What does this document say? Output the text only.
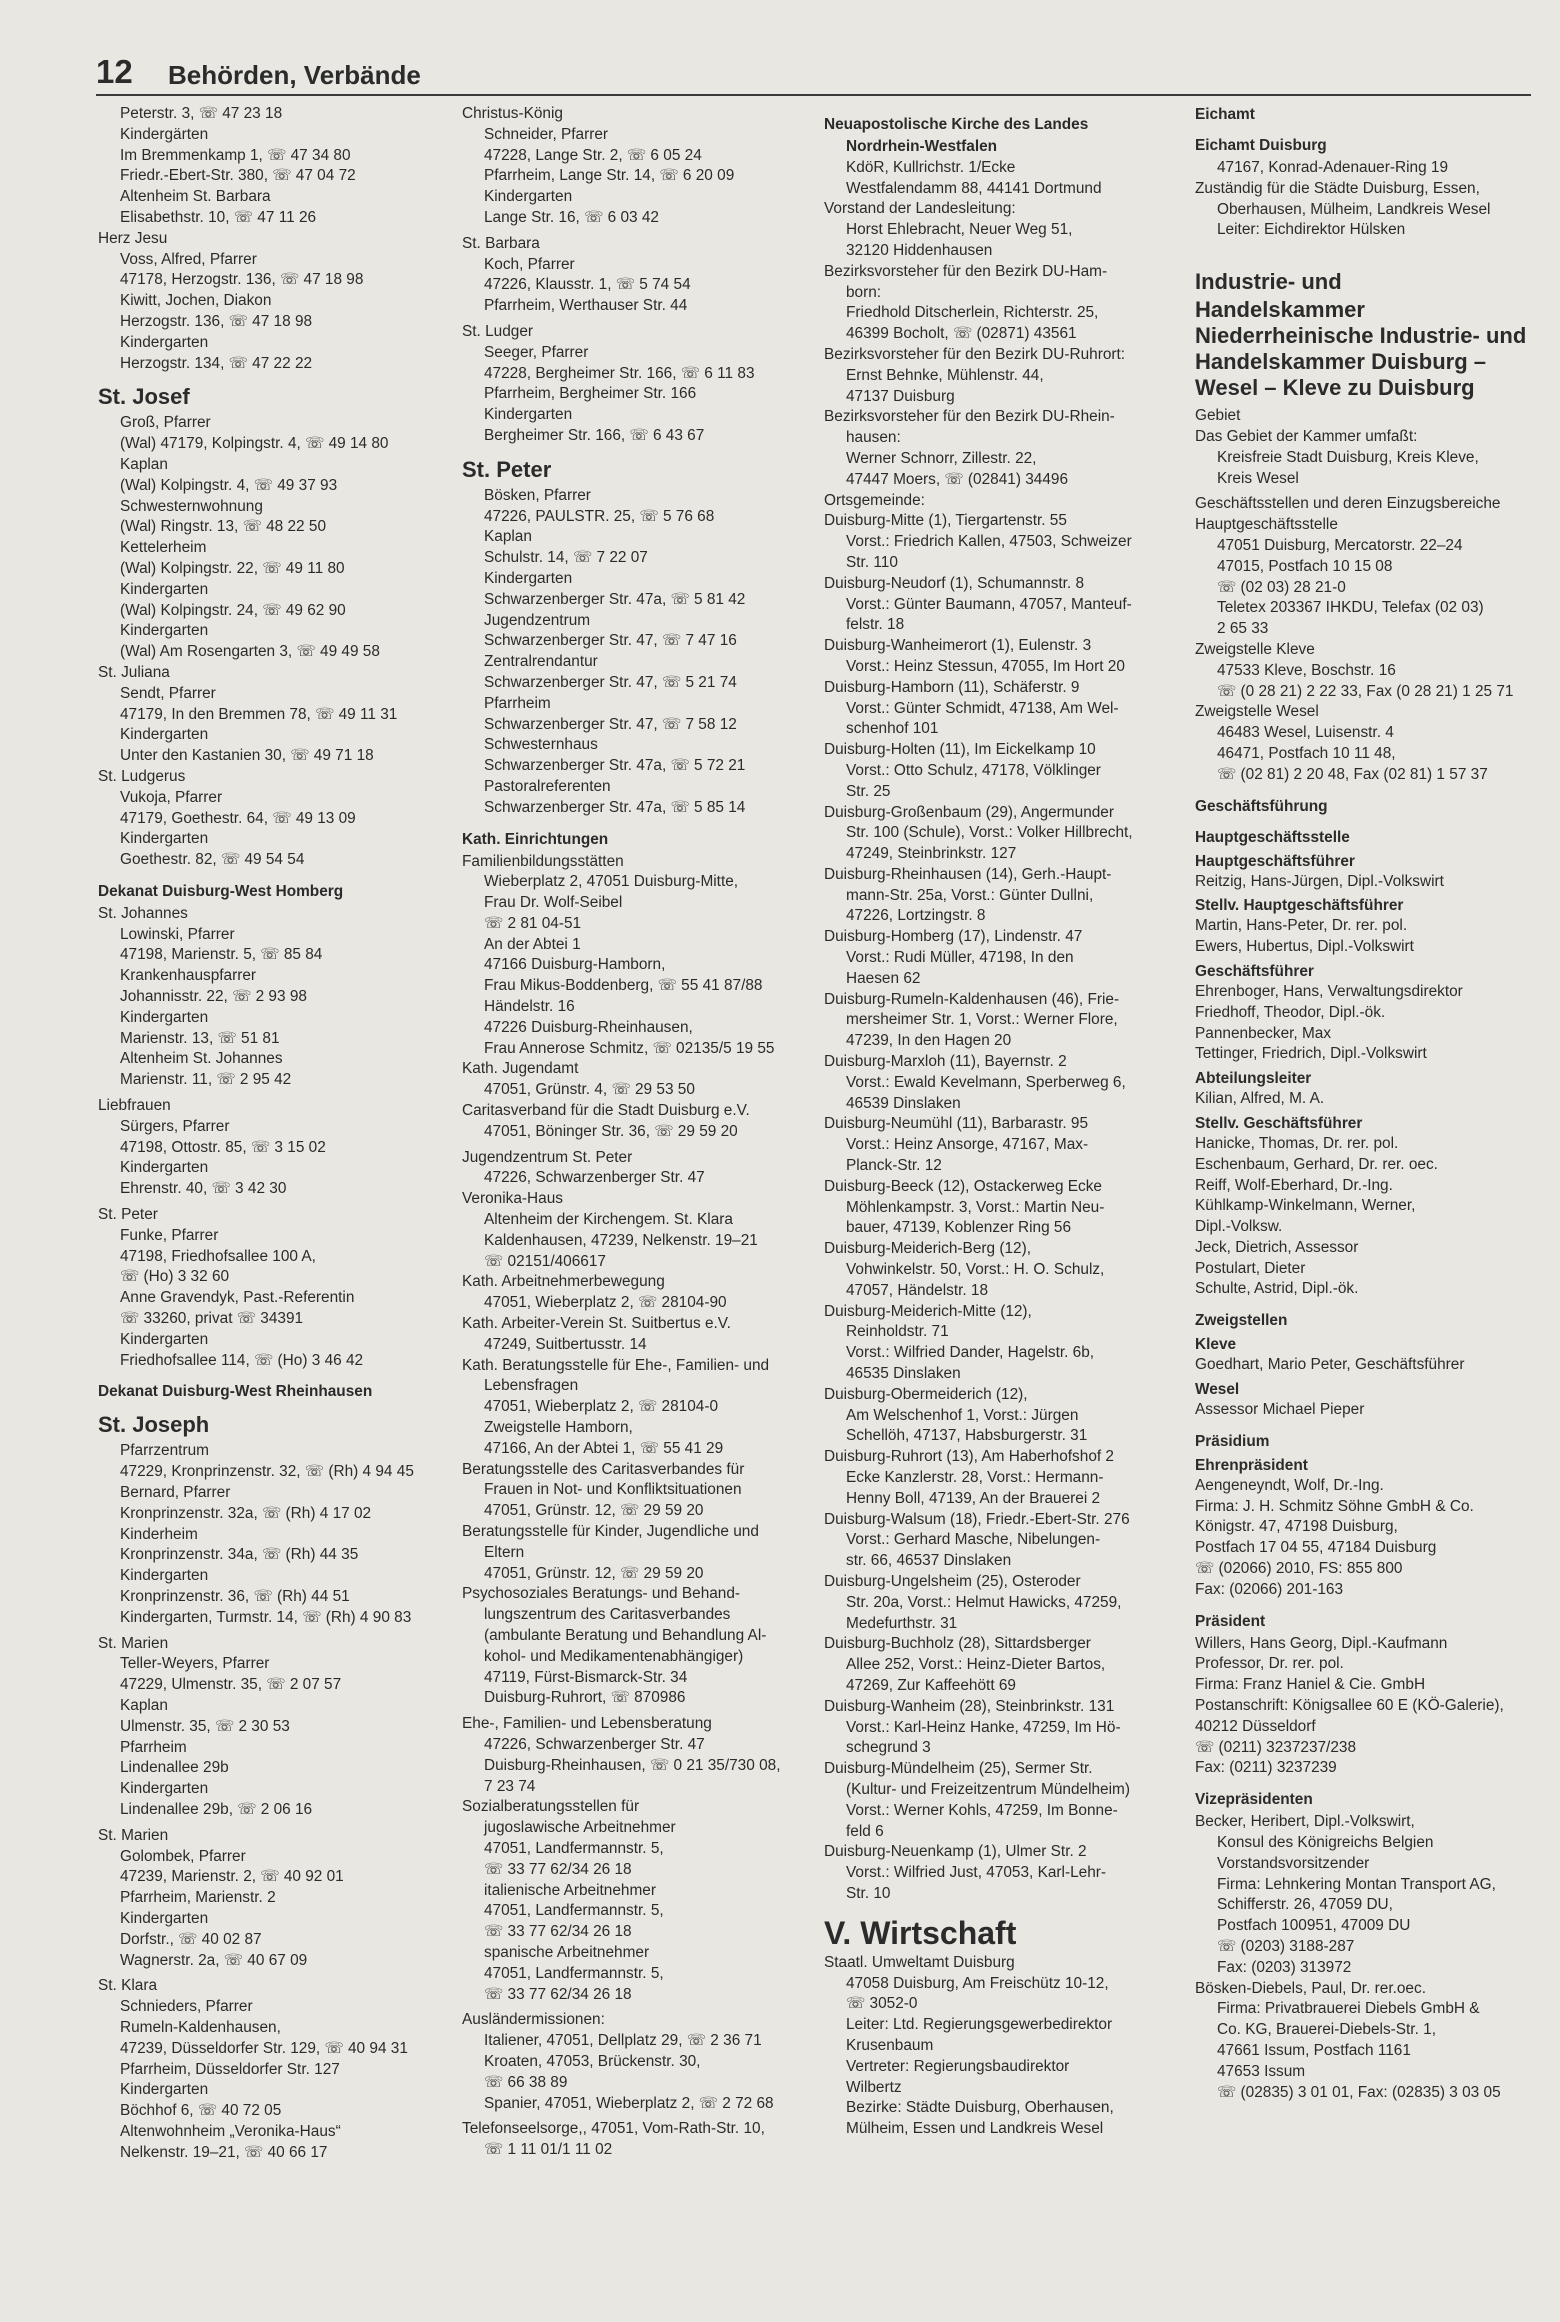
12 Behörden, Verbände
Peterstr. 3, ☏ 47 23 18
Kindergärten
Im Bremmenkamp 1, ☏ 47 34 80
Friedr.-Ebert-Str. 380, ☏ 47 04 72
Altenheim St. Barbara
Elisabethstr. 10, ☏ 47 11 26
Herz Jesu
Voss, Alfred, Pfarrer
47178, Herzogstr. 136, ☏ 47 18 98
Kiwitt, Jochen, Diakon
Herzogstr. 136, ☏ 47 18 98
Kindergarten
Herzogstr. 134, ☏ 47 22 22
St. Josef
Groß, Pfarrer
(Wal) 47179, Kolpingstr. 4, ☏ 49 14 80
Kaplan
(Wal) Kolpingstr. 4, ☏ 49 37 93
Schwesternwohnung
(Wal) Ringstr. 13, ☏ 48 22 50
Kettelerheim
(Wal) Kolpingstr. 22, ☏ 49 11 80
Kindergarten
(Wal) Kolpingstr. 24, ☏ 49 62 90
Kindergarten
(Wal) Am Rosengarten 3, ☏ 49 49 58
St. Juliana
Sendt, Pfarrer
47179, In den Bremmen 78, ☏ 49 11 31
Kindergarten
Unter den Kastanien 30, ☏ 49 71 18
St. Ludgerus
Vukoja, Pfarrer
47179, Goethestr. 64, ☏ 49 13 09
Kindergarten
Goethestr. 82, ☏ 49 54 54
Dekanat Duisburg-West Homberg
St. Johannes
Lowinski, Pfarrer
47198, Marienstr. 5, ☏ 85 84
Krankenhauspfarrer
Johannisstr. 22, ☏ 2 93 98
Kindergarten
Marienstr. 13, ☏ 51 81
Altenheim St. Johannes
Marienstr. 11, ☏ 2 95 42
Liebfrauen
Sürgers, Pfarrer
47198, Ottostr. 85, ☏ 3 15 02
Kindergarten
Ehrenstr. 40, ☏ 3 42 30
St. Peter
Funke, Pfarrer
47198, Friedhofsallee 100 A,
☏ (Ho) 3 32 60
Anne Gravendyk, Past.-Referentin
☏ 33260, privat ☏ 34391
Kindergarten
Friedhofsallee 114, ☏ (Ho) 3 46 42
Dekanat Duisburg-West Rheinhausen
St. Joseph
Pfarrzentrum
47229, Kronprinzenstr. 32, ☏ (Rh) 4 94 45
Bernard, Pfarrer
Kronprinzenstr. 32a, ☏ (Rh) 4 17 02
Kinderheim
Kronprinzenstr. 34a, ☏ (Rh) 44 35
Kindergarten
Kronprinzenstr. 36, ☏ (Rh) 44 51
Kindergarten, Turmstr. 14, ☏ (Rh) 4 90 83
St. Marien
Teller-Weyers, Pfarrer
47229, Ulmenstr. 35, ☏ 2 07 57
Kaplan
Ulmenstr. 35, ☏ 2 30 53
Pfarrheim
Lindenallee 29b
Kindergarten
Lindenallee 29b, ☏ 2 06 16
St. Marien
Golombek, Pfarrer
47239, Marienstr. 2, ☏ 40 92 01
Pfarrheim, Marienstr. 2
Kindergarten
Dorfstr., ☏ 40 02 87
Wagnerstr. 2a, ☏ 40 67 09
St. Klara
Schnieders, Pfarrer
Rumeln-Kaldenhausen,
47239, Düsseldorfer Str. 129, ☏ 40 94 31
Pfarrheim, Düsseldorfer Str. 127
Kindergarten
Böchhof 6, ☏ 40 72 05
Altenwohnheim „Veronika-Haus“
Nelkenstr. 19–21, ☏ 40 66 17
Christus-König
Schneider, Pfarrer
47228, Lange Str. 2, ☏ 6 05 24
Pfarrheim, Lange Str. 14, ☏ 6 20 09
Kindergarten
Lange Str. 16, ☏ 6 03 42
St. Barbara
Koch, Pfarrer
47226, Klausstr. 1, ☏ 5 74 54
Pfarrheim, Werthauser Str. 44
St. Ludger
Seeger, Pfarrer
47228, Bergheimer Str. 166, ☏ 6 11 83
Pfarrheim, Bergheimer Str. 166
Kindergarten
Bergheimer Str. 166, ☏ 6 43 67
St. Peter
Bösken, Pfarrer
47226, PAULSTR. 25, ☏ 5 76 68
Kaplan
Schulstr. 14, ☏ 7 22 07
Kindergarten
Schwarzenberger Str. 47a, ☏ 5 81 42
Jugendzentrum
Schwarzenberger Str. 47, ☏ 7 47 16
Zentralrendantur
Schwarzenberger Str. 47, ☏ 5 21 74
Pfarrheim
Schwarzenberger Str. 47, ☏ 7 58 12
Schwesternhaus
Schwarzenberger Str. 47a, ☏ 5 72 21
Pastoralreferenten
Schwarzenberger Str. 47a, ☏ 5 85 14
Kath. Einrichtungen
Familienbildungsstätten
Wieberplatz 2, 47051 Duisburg-Mitte,
Frau Dr. Wolf-Seibel
☏ 2 81 04-51
An der Abtei 1
47166 Duisburg-Hamborn,
Frau Mikus-Boddenberg, ☏ 55 41 87/88
Händelstr. 16
47226 Duisburg-Rheinhausen,
Frau Annerose Schmitz, ☏ 02135/5 19 55
Kath. Jugendamt
47051, Grünstr. 4, ☏ 29 53 50
Caritasverband für die Stadt Duisburg e.V.
47051, Böninger Str. 36, ☏ 29 59 20
Jugendzentrum St. Peter
47226, Schwarzenberger Str. 47
Veronika-Haus
Altenheim der Kirchengem. St. Klara
Kaldenhausen, 47239, Nelkenstr. 19–21
☏ 02151/406617
Kath. Arbeitnehmerbewegung
47051, Wieberplatz 2, ☏ 28104-90
Kath. Arbeiter-Verein St. Suitbertus e.V.
47249, Suitbertusstr. 14
Kath. Beratungsstelle für Ehe-, Familien- und
Lebensfragen
47051, Wieberplatz 2, ☏ 28104-0
Zweigstelle Hamborn,
47166, An der Abtei 1, ☏ 55 41 29
Beratungsstelle des Caritasverbandes für
Frauen in Not- und Konfliktsituationen
47051, Grünstr. 12, ☏ 29 59 20
Beratungsstelle für Kinder, Jugendliche und
Eltern
47051, Grünstr. 12, ☏ 29 59 20
Psychosoziales Beratungs- und Behand-
lungszentrum des Caritasverbandes
(ambulante Beratung und Behandlung Al-
kohol- und Medikamentenabhängiger)
47119, Fürst-Bismarck-Str. 34
Duisburg-Ruhrort, ☏ 870986
Ehe-, Familien- und Lebensberatung
47226, Schwarzenberger Str. 47
Duisburg-Rheinhausen, ☏ 0 21 35/730 08,
7 23 74
Sozialberatungsstellen für
jugoslawische Arbeitnehmer
47051, Landfermannstr. 5,
☏ 33 77 62/34 26 18
italienische Arbeitnehmer
47051, Landfermannstr. 5,
☏ 33 77 62/34 26 18
spanische Arbeitnehmer
47051, Landfermannstr. 5,
☏ 33 77 62/34 26 18
Ausländermissionen:
Italiener, 47051, Dellplatz 29, ☏ 2 36 71
Kroaten, 47053, Brückenstr. 30,
☏ 66 38 89
Spanier, 47051, Wieberplatz 2, ☏ 2 72 68
Telefonseelsorge,, 47051, Vom-Rath-Str. 10,
☏ 1 11 01/1 11 02
Neuapostolische Kirche des Landes
Nordrhein-Westfalen
KdöR, Kullrichstr. 1/Ecke
Westfalendamm 88, 44141 Dortmund
Vorstand der Landesleitung:
Horst Ehlebracht, Neuer Weg 51,
32120 Hiddenhausen
Bezirksvorsteher für den Bezirk DU-Ham-
born:
Friedhold Ditscherlein, Richterstr. 25,
46399 Bocholt, ☏ (02871) 43561
Bezirksvorsteher für den Bezirk DU-Ruhrort:
Ernst Behnke, Mühlenstr. 44,
47137 Duisburg
Bezirksvorsteher für den Bezirk DU-Rhein-
hausen:
Werner Schnorr, Zillestr. 22,
47447 Moers, ☏ (02841) 34496
Ortsgemeinde:
Duisburg-Mitte (1), Tiergartenstr. 55
Vorst.: Friedrich Kallen, 47503, Schweizer
Str. 110
Duisburg-Neudorf (1), Schumannstr. 8
Vorst.: Günter Baumann, 47057, Manteuf-
felstr. 18
Duisburg-Wanheimerort (1), Eulenstr. 3
Vorst.: Heinz Stessun, 47055, Im Hort 20
Duisburg-Hamborn (11), Schäferstr. 9
Vorst.: Günter Schmidt, 47138, Am Wel-
schenhof 101
Duisburg-Holten (11), Im Eickelkamp 10
Vorst.: Otto Schulz, 47178, Völklinger
Str. 25
Duisburg-Großenbaum (29), Angermunder
Str. 100 (Schule), Vorst.: Volker Hillbrecht,
47249, Steinbrinkstr. 127
Duisburg-Rheinhausen (14), Gerh.-Haupt-
mann-Str. 25a, Vorst.: Günter Dullni,
47226, Lortzingstr. 8
Duisburg-Homberg (17), Lindenstr. 47
Vorst.: Rudi Müller, 47198, In den
Haesen 62
Duisburg-Rumeln-Kaldenhausen (46), Frie-
mersheimer Str. 1, Vorst.: Werner Flore,
47239, In den Hagen 20
Duisburg-Marxloh (11), Bayernstr. 2
Vorst.: Ewald Kevelmann, Sperberweg 6,
46539 Dinslaken
Duisburg-Neumühl (11), Barbarastr. 95
Vorst.: Heinz Ansorge, 47167, Max-
Planck-Str. 12
Duisburg-Beeck (12), Ostackerweg Ecke
Möhlenkampstr. 3, Vorst.: Martin Neu-
bauer, 47139, Koblenzer Ring 56
Duisburg-Meiderich-Berg (12),
Vohwinkelstr. 50, Vorst.: H. O. Schulz,
47057, Händelstr. 18
Duisburg-Meiderich-Mitte (12),
Reinholdstr. 71
Vorst.: Wilfried Dander, Hagelstr. 6b,
46535 Dinslaken
Duisburg-Obermeiderich (12),
Am Welschenhof 1, Vorst.: Jürgen
Schellöh, 47137, Habsburgerstr. 31
Duisburg-Ruhrort (13), Am Haberhofshof 2
Ecke Kanzlerstr. 28, Vorst.: Hermann-
Henny Boll, 47139, An der Brauerei 2
Duisburg-Walsum (18), Friedr.-Ebert-Str. 276
Vorst.: Gerhard Masche, Nibelungen-
str. 66, 46537 Dinslaken
Duisburg-Ungelsheim (25), Osteroder
Str. 20a, Vorst.: Helmut Hawicks, 47259,
Medefurthstr. 31
Duisburg-Buchholz (28), Sittardsberger
Allee 252, Vorst.: Heinz-Dieter Bartos,
47269, Zur Kaffeehött 69
Duisburg-Wanheim (28), Steinbrinkstr. 131
Vorst.: Karl-Heinz Hanke, 47259, Im Hö-
schegrund 3
Duisburg-Mündelheim (25), Sermer Str.
(Kultur- und Freizeitzentrum Mündelheim)
Vorst.: Werner Kohls, 47259, Im Bonne-
feld 6
Duisburg-Neuenkamp (1), Ulmer Str. 2
Vorst.: Wilfried Just, 47053, Karl-Lehr-
Str. 10
V. Wirtschaft
Staatl. Umweltamt Duisburg
47058 Duisburg, Am Freischütz 10-12,
☏ 3052-0
Leiter: Ltd. Regierungsgewerbedirektor
Krusenbaum
Vertreter: Regierungsbaudirektor
Wilbertz
Bezirke: Städte Duisburg, Oberhausen,
Mülheim, Essen und Landkreis Wesel
Eichamt
Eichamt Duisburg
47167, Konrad-Adenauer-Ring 19
Zuständig für die Städte Duisburg, Essen,
Oberhausen, Mülheim, Landkreis Wesel
Leiter: Eichdirektor Hülsken
Industrie- und
Handelskammer
Niederrheinische Industrie- und
Handelskammer Duisburg –
Wesel – Kleve zu Duisburg
Gebiet
Das Gebiet der Kammer umfaßt:
Kreisfreie Stadt Duisburg, Kreis Kleve,
Kreis Wesel
Geschäftsstellen und deren Einzugsbereiche
Hauptgeschäftsstelle
47051 Duisburg, Mercatorstr. 22–24
47015, Postfach 10 15 08
☏ (02 03) 28 21-0
Teletex 203367 IHKDU, Telefax (02 03)
2 65 33
Zweigstelle Kleve
47533 Kleve, Boschstr. 16
☏ (0 28 21) 2 22 33, Fax (0 28 21) 1 25 71
Zweigstelle Wesel
46483 Wesel, Luisenstr. 4
46471, Postfach 10 11 48,
☏ (02 81) 2 20 48, Fax (02 81) 1 57 37
Geschäftsführung
Hauptgeschäftsstelle
Hauptgeschäftsführer
Reitzig, Hans-Jürgen, Dipl.-Volkswirt
Stellv. Hauptgeschäftsführer
Martin, Hans-Peter, Dr. rer. pol.
Ewers, Hubertus, Dipl.-Volkswirt
Geschäftsführer
Ehrenboger, Hans, Verwaltungsdirektor
Friedhoff, Theodor, Dipl.-ök.
Pannenbecker, Max
Tettinger, Friedrich, Dipl.-Volkswirt
Abteilungsleiter
Kilian, Alfred, M. A.
Stellv. Geschäftsführer
Hanicke, Thomas, Dr. rer. pol.
Eschenbaum, Gerhard, Dr. rer. oec.
Reiff, Wolf-Eberhard, Dr.-Ing.
Kühlkamp-Winkelmann, Werner,
Dipl.-Volksw.
Jeck, Dietrich, Assessor
Postulart, Dieter
Schulte, Astrid, Dipl.-ök.
Zweigstellen
Kleve
Goedhart, Mario Peter, Geschäftsführer
Wesel
Assessor Michael Pieper
Präsidium
Ehrenpräsident
Aengeneyndt, Wolf, Dr.-Ing.
Firma: J. H. Schmitz Söhne GmbH & Co.
Königstr. 47, 47198 Duisburg,
Postfach 17 04 55, 47184 Duisburg
☏ (02066) 2010, FS: 855 800
Fax: (02066) 201-163
Präsident
Willers, Hans Georg, Dipl.-Kaufmann
Professor, Dr. rer. pol.
Firma: Franz Haniel & Cie. GmbH
Postanschrift: Königsallee 60 E (KÖ-Galerie),
40212 Düsseldorf
☏ (0211) 3237237/238
Fax: (0211) 3237239
Vizepräsidenten
Becker, Heribert, Dipl.-Volkswirt,
Konsul des Königreichs Belgien
Vorstandsvorsitzender
Firma: Lehnkering Montan Transport AG,
Schifferstr. 26, 47059 DU,
Postfach 100951, 47009 DU
☏ (0203) 3188-287
Fax: (0203) 313972
Bösken-Diebels, Paul, Dr. rer.oec.
Firma: Privatbrauerei Diebels GmbH &
Co. KG, Brauerei-Diebels-Str. 1,
47661 Issum, Postfach 1161
47653 Issum
☏ (02835) 3 01 01, Fax: (02835) 3 03 05
